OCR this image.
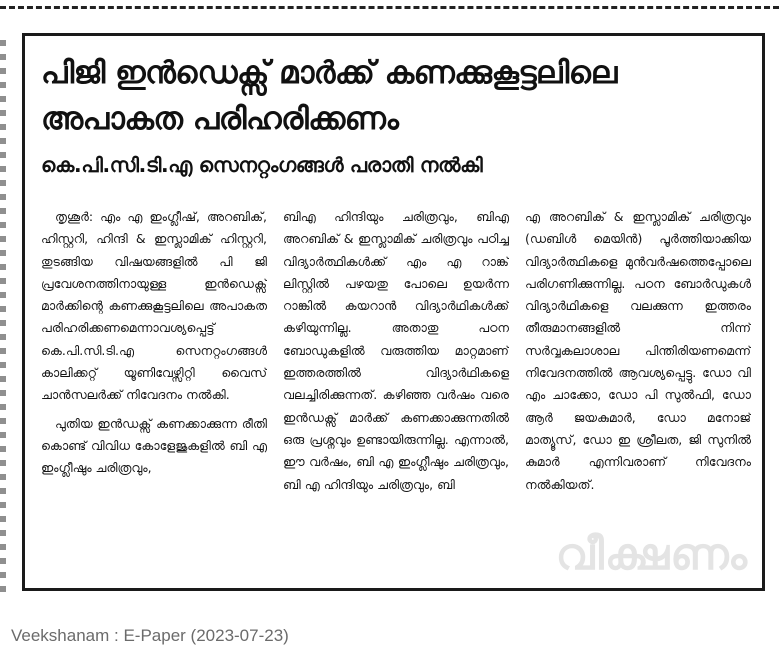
പിജി ഇൻഡെക്സ് മാർക്ക് കണക്കുകൂട്ടലിലെ അപാകത പരിഹരിക്കണം
കെ.പി.സി.ടി.എ സെനറ്റംഗങ്ങൾ പരാതി നൽകി

തൃശൂർ: എം എ ഇംഗ്ലീഷ്, അറബിക്, ഹിസ്റ്ററി, ഹിന്ദി & ഇസ്ലാമിക് ഹിസ്റ്ററി, തുടങ്ങിയ വിഷയങ്ങളിൽ പി ജി പ്രവേശനത്തിനായുള്ള ഇൻഡെക്സ് മാർക്കിന്റെ കണക്കുകൂട്ടലിലെ അപാകത പരിഹരിക്കണമെന്നാവശ്യപ്പെട്ട് കെ.പി.സി.ടി.എ സെനറ്റംഗങ്ങൾ കാലിക്കറ്റ് യൂണിവേഴ്സിറ്റി വൈസ് ചാൻസലർക്ക് നിവേദനം നൽകി.

പുതിയ ഇൻഡക്സ് കണക്കാക്കുന്ന രീതി കൊണ്ട് വിവിധ കോളേജുകളിൽ ബി എ ഇംഗ്ലീഷും ചരിത്രവും,

ബിഎ ഹിന്ദിയും ചരിത്രവും, ബിഎ അറബിക് & ഇസ്ലാമിക് ചരിത്രവും പഠിച്ച വിദ്യാർത്ഥികൾക്ക് എം എ റാങ്ക് ലിസ്റ്റിൽ പഴയതു പോലെ ഉയർന്ന റാങ്കിൽ കയറാൻ വിദ്യാർഥികൾക്ക് കഴിയുന്നില്ല. അതാതു പഠന ബോഡുകളിൽ വരുത്തിയ മാറ്റമാണ് ഇത്തരത്തിൽ വിദ്യാർഥികളെ വലച്ചിരിക്കുന്നത്. കഴിഞ്ഞ വർഷം വരെ ഇൻഡക്സ് മാർക്ക് കണക്കാക്കുന്നതിൽ ഒരു പ്രശ്നവും ഉണ്ടായിരുന്നില്ല. എന്നാൽ, ഈ വർഷം, ബി എ ഇംഗ്ലീഷും ചരിത്രവും, ബി എ ഹിന്ദിയും ചരിത്രവും, ബി

എ അറബിക് & ഇസ്ലാമിക് ചരിത്രവും (ഡബിൾ മെയിൻ) പൂർത്തിയാക്കിയ വിദ്യാർത്ഥികളെ മുൻവർഷത്തെപ്പോലെ പരിഗണിക്കുന്നില്ല. പഠന ബോർഡുകൾ വിദ്യാർഥികളെ വലക്കുന്ന ഇത്തരം തീരുമാനങ്ങളിൽ നിന്ന് സർവ്വകലാശാല പിന്തിരിയണമെന്ന് നിവേദനത്തിൽ ആവശ്യപ്പെട്ടു. ഡോ വി എം ചാക്കോ, ഡോ പി സുൽഫി, ഡോ ആർ ജയകുമാർ, ഡോ മനോജ് മാത്യൂസ്, ഡോ ഇ ശ്രീലത, ജി സുനിൽ കുമാർ എന്നിവരാണ് നിവേദനം നൽകിയത്.

വീക്ഷണം
Veekshanam : E-Paper (2023-07-23)
